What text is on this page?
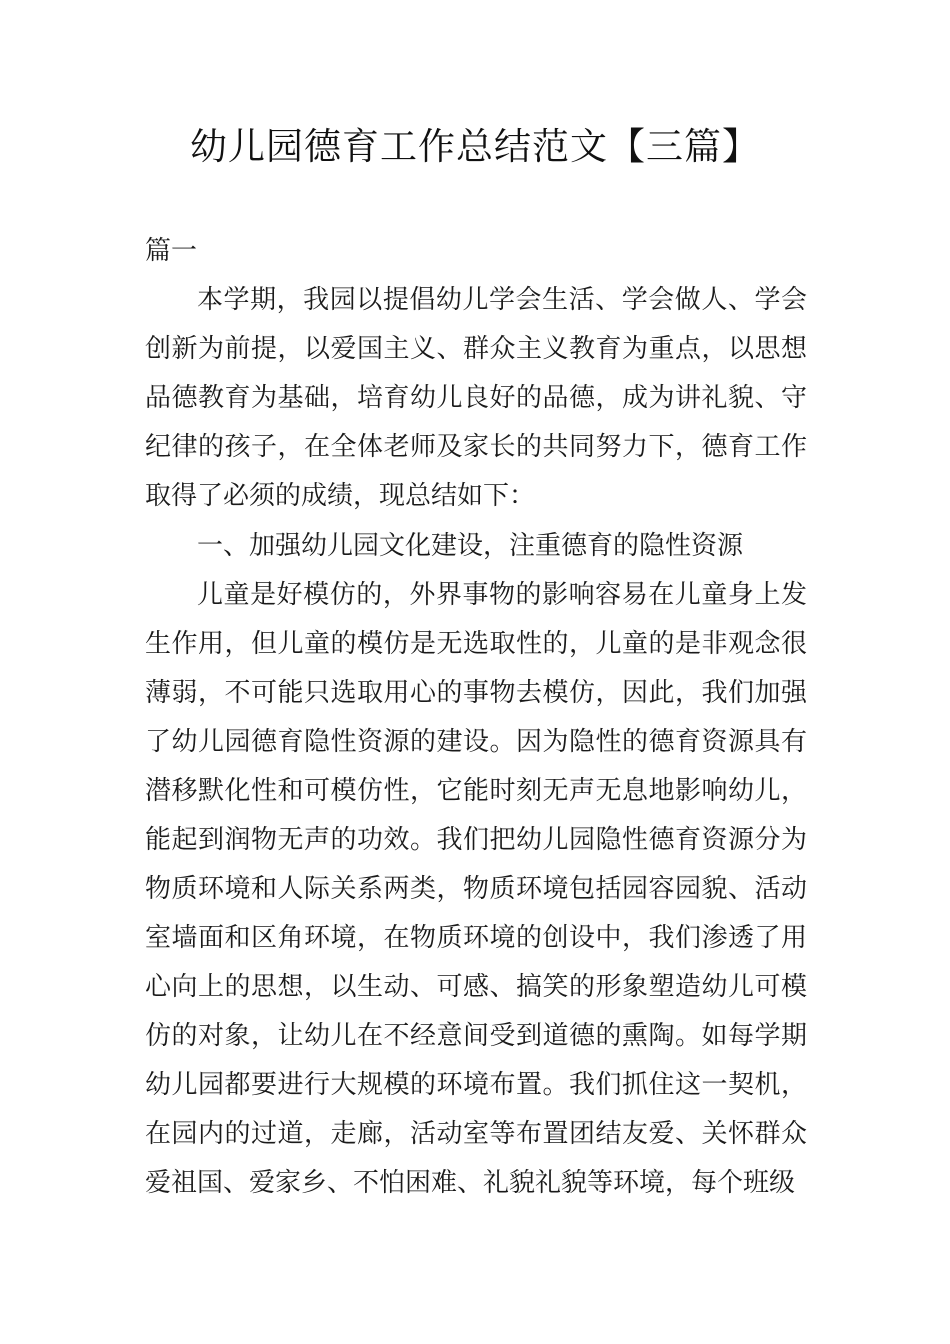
幼儿园德育工作总结范文【三篇】
篇一

本学期，我园以提倡幼儿学会生活、学会做人、学会创新为前提，以爱国主义、群众主义教育为重点，以思想品德教育为基础，培育幼儿良好的品德，成为讲礼貌、守纪律的孩子，在全体老师及家长的共同努力下，德育工作取得了必须的成绩，现总结如下：

一、加强幼儿园文化建设，注重德育的隐性资源

儿童是好模仿的，外界事物的影响容易在儿童身上发生作用，但儿童的模仿是无选取性的，儿童的是非观念很薄弱，不可能只选取用心的事物去模仿，因此，我们加强了幼儿园德育隐性资源的建设。因为隐性的德育资源具有潜移默化性和可模仿性，它能时刻无声无息地影响幼儿，能起到润物无声的功效。我们把幼儿园隐性德育资源分为物质环境和人际关系两类，物质环境包括园容园貌、活动室墙面和区角环境，在物质环境的创设中，我们渗透了用心向上的思想，以生动、可感、搞笑的形象塑造幼儿可模仿的对象，让幼儿在不经意间受到道德的熏陶。如每学期幼儿园都要进行大规模的环境布置。我们抓住这一契机，在园内的过道，走廊，活动室等布置团结友爱、关怀群众爱祖国、爱家乡、不怕困难、礼貌礼貌等环境，每个班级
